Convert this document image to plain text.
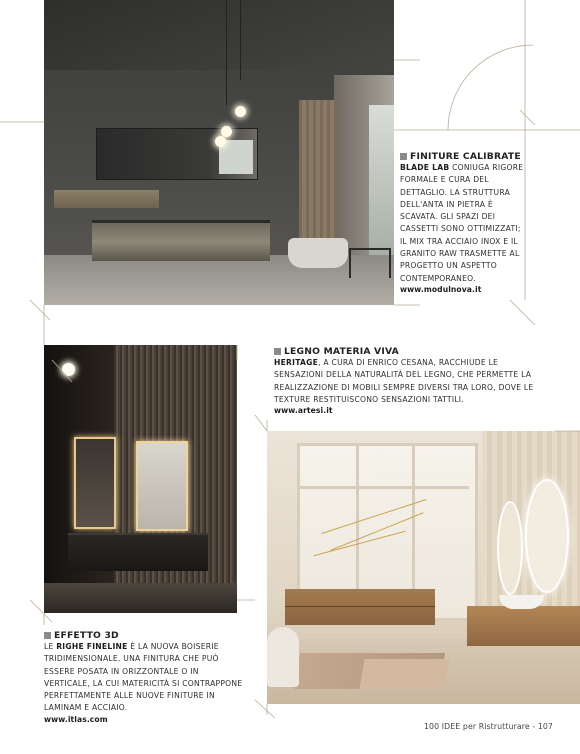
FINITURE CALIBRATE
BLADE LAB CONIUGA RIGORE FORMALE E CURA DEL DETTAGLIO. LA STRUTTURA DELL'ANTA IN PIETRA È SCAVATA. GLI SPAZI DEI CASSETTI SONO OTTIMIZZATI; IL MIX TRA ACCIAIO INOX E IL GRANITO RAW TRASMETTE AL PROGETTO UN ASPETTO CONTEMPORANEO.
www.modulnova.it
LEGNO MATERIA VIVA
HERITAGE, A CURA DI ENRICO CESANA, RACCHIUDE LE SENSAZIONI DELLA NATURALITÀ DEL LEGNO, CHE PERMETTE LA REALIZZAZIONE DI MOBILI SEMPRE DIVERSI TRA LORO, DOVE LE TEXTURE RESTITUISCONO SENSAZIONI TATTILI.
www.artesi.it
EFFETTO 3D
LE RIGHE FINELINE È LA NUOVA BOISERIE TRIDIMENSIONALE. UNA FINITURA CHE PUÒ ESSERE POSATA IN ORIZZONTALE O IN VERTICALE, LA CUI MATERICITÀ SI CONTRAPPONE PERFETTAMENTE ALLE NUOVE FINITURE IN LAMINAM E ACCIAIO.
www.itlas.com
100 IDEE per Ristrutturare - 107
